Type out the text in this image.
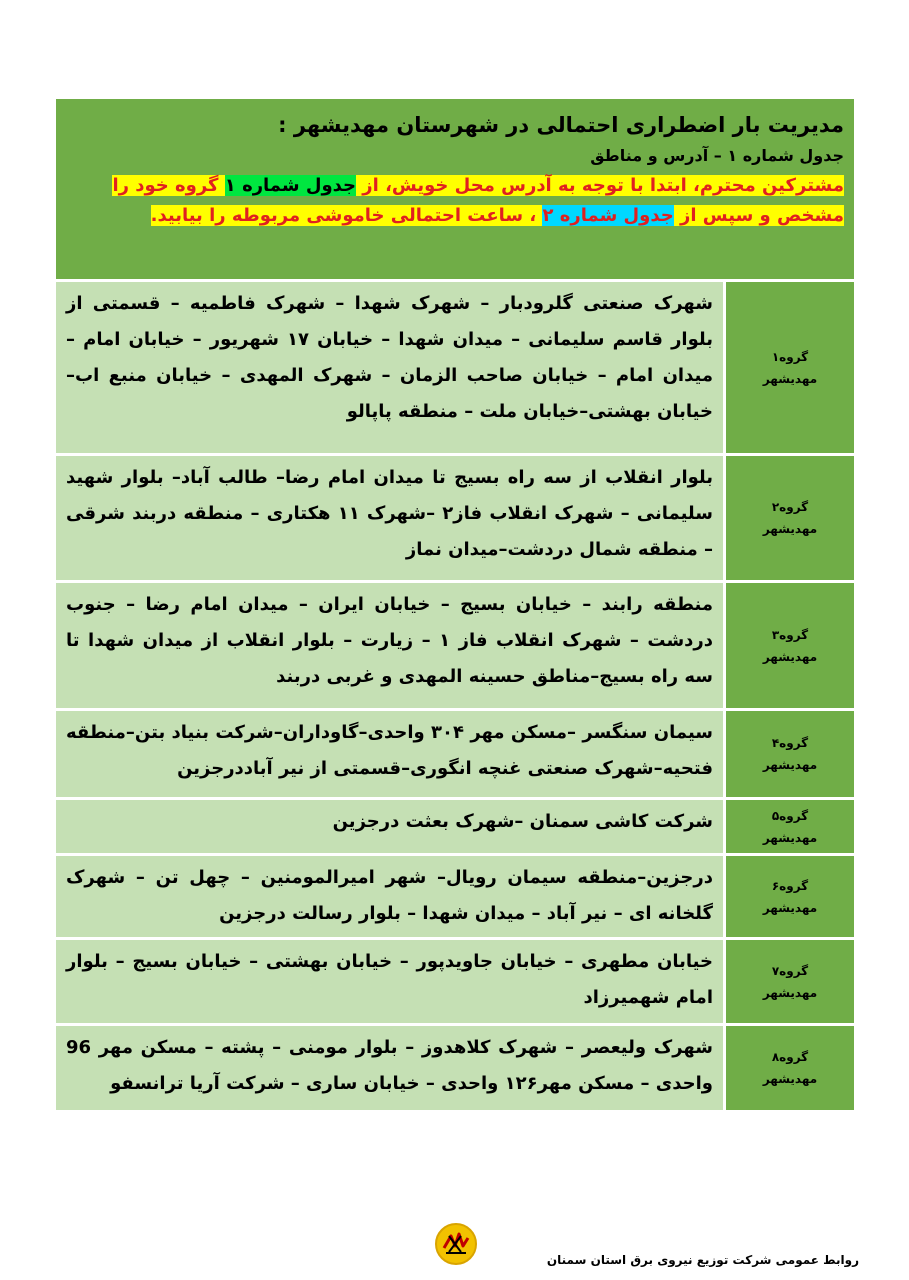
مدیریت بار اضطراری احتمالی در شهرستان مهدیشهر :
جدول شماره ۱ – آدرس و مناطق
مشترکین محترم، ابتدا با توجه به آدرس محل خویش، از جدول شماره ۱ گروه خود را مشخص و سپس از جدول شماره ۲ ، ساعت احتمالی خاموشی مربوطه را بیابید.
گروه۱
مهدیشهر
شهرک صنعتی گلرودبار – شهرک شهدا – شهرک فاطمیه – قسمتی از بلوار قاسم سلیمانی – میدان شهدا – خیابان ۱۷ شهریور – خیابان امام – میدان امام – خیابان صاحب الزمان – شهرک المهدی – خیابان منبع اب–خیابان بهشتی–خیابان ملت – منطقه پاپالو
گروه۲
مهدیشهر
بلوار انقلاب از سه راه بسیج تا میدان امام رضا– طالب آباد– بلوار شهید سلیمانی – شهرک انقلاب فاز۲ –شهرک ۱۱ هکتاری – منطقه دربند شرقی – منطقه شمال دردشت–میدان نماز
گروه۳
مهدیشهر
منطقه رابند – خیابان بسیج – خیابان ایران – میدان امام رضا – جنوب دردشت – شهرک انقلاب فاز ۱ – زیارت – بلوار انقلاب از میدان شهدا تا سه راه بسیج–مناطق حسینه المهدی و غربی دربند
گروه۴
مهدیشهر
سیمان سنگسر –مسکن مهر ۳۰۴ واحدی–گاوداران–شرکت بنیاد بتن–منطقه فتحیه–شهرک صنعتی غنچه انگوری–قسمتی از نیر آباددرجزین
گروه۵
مهدیشهر
شرکت کاشی سمنان –شهرک بعثت درجزین
گروه۶
مهدیشهر
درجزین–منطقه سیمان رویال– شهر امیرالمومنین – چهل تن – شهرک گلخانه ای – نیر آباد – میدان شهدا – بلوار رسالت درجزین
گروه۷
مهدیشهر
خیابان مطهری – خیابان جاویدپور – خیابان بهشتی – خیابان بسیج – بلوار امام شهمیرزاد
گروه۸
مهدیشهر
شهرک ولیعصر – شهرک کلاهدوز – بلوار مومنی – پشته – مسکن مهر 96 واحدی – مسکن مهر۱۲۶ واحدی – خیابان ساری – شرکت آریا ترانسفو
روابط عمومی شرکت توزیع نیروی برق استان سمنان
